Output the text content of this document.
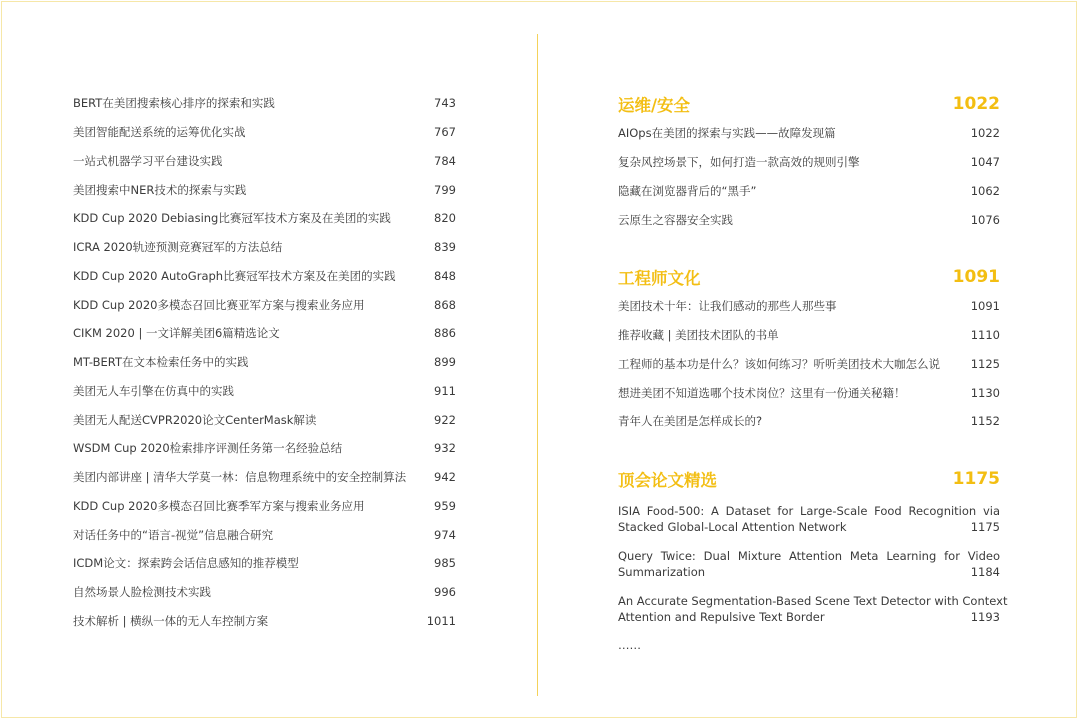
BERT在美团搜索核心排序的探索和实践	743
美团智能配送系统的运筹优化实战	767
一站式机器学习平台建设实践	784
美团搜索中NER技术的探索与实践	799
KDD Cup 2020 Debiasing比赛冠军技术方案及在美团的实践	820
ICRA 2020轨迹预测竞赛冠军的方法总结	839
KDD Cup 2020 AutoGraph比赛冠军技术方案及在美团的实践	848
KDD Cup 2020多模态召回比赛亚军方案与搜索业务应用	868
CIKM 2020 | 一文详解美团6篇精选论文	886
MT-BERT在文本检索任务中的实践	899
美团无人车引擎在仿真中的实践	911
美团无人配送CVPR2020论文CenterMask解读	922
WSDM Cup 2020检索排序评测任务第一名经验总结	932
美团内部讲座 | 清华大学莫一林：信息物理系统中的安全控制算法 942
KDD Cup 2020多模态召回比赛季军方案与搜索业务应用	959
对话任务中的“语言-视觉”信息融合研究	974
ICDM论文：探索跨会话信息感知的推荐模型	985
自然场景人脸检测技术实践	996
技术解析 | 横纵一体的无人车控制方案	1011
运维/安全	1022
AIOps在美团的探索与实践——故障发现篇	1022
复杂风控场景下，如何打造一款高效的规则引擎	1047
隐藏在浏览器背后的“黑手”	1062
云原生之容器安全实践	1076
工程师文化	1091
美团技术十年：让我们感动的那些人那些事	1091
推荐收藏 | 美团技术团队的书单	1110
工程师的基本功是什么？该如何练习？听听美团技术大咖怎么说	1125
想进美团不知道选哪个技术岗位？这里有一份通关秘籍！	1130
青年人在美团是怎样成长的?	1152
顶会论文精选	1175
ISIA Food-500: A Dataset for Large-Scale Food Recognition via
Stacked Global-Local Attention Network	1175
Query Twice: Dual Mixture Attention Meta Learning for Video
Summarization	1184
An Accurate Segmentation-Based Scene Text Detector with Context
Attention and Repulsive Text Border	1193
……
